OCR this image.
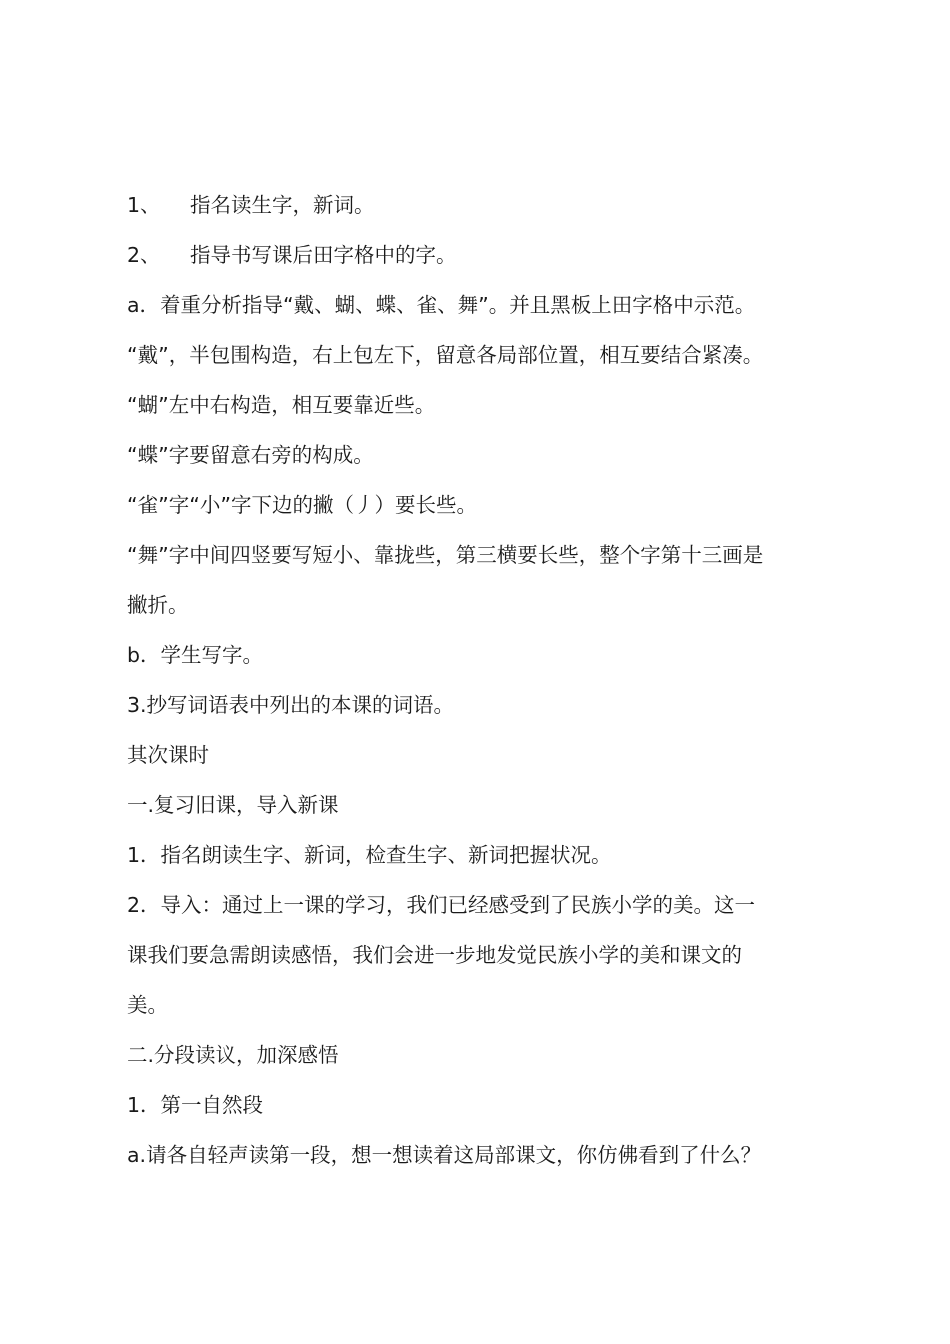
1、 指名读生字，新词。
2、 指导书写课后田字格中的字。
a．着重分析指导“戴、蝴、蝶、雀、舞”。并且黑板上田字格中示范。
“戴”，半包围构造，右上包左下，留意各局部位置，相互要结合紧凑。
“蝴”左中右构造，相互要靠近些。
“蝶”字要留意右旁的构成。
“雀”字“小”字下边的撇（丿）要长些。
“舞”字中间四竖要写短小、靠拢些，第三横要长些，整个字第十三画是
撇折。
b．学生写字。
3.抄写词语表中列出的本课的词语。
其次课时
一.复习旧课，导入新课
1．指名朗读生字、新词，检查生字、新词把握状况。
2．导入：通过上一课的学习，我们已经感受到了民族小学的美。这一
课我们要急需朗读感悟，我们会进一步地发觉民族小学的美和课文的
美。
二.分段读议，加深感悟
1．第一自然段
a.请各自轻声读第一段，想一想读着这局部课文，你仿佛看到了什么？
